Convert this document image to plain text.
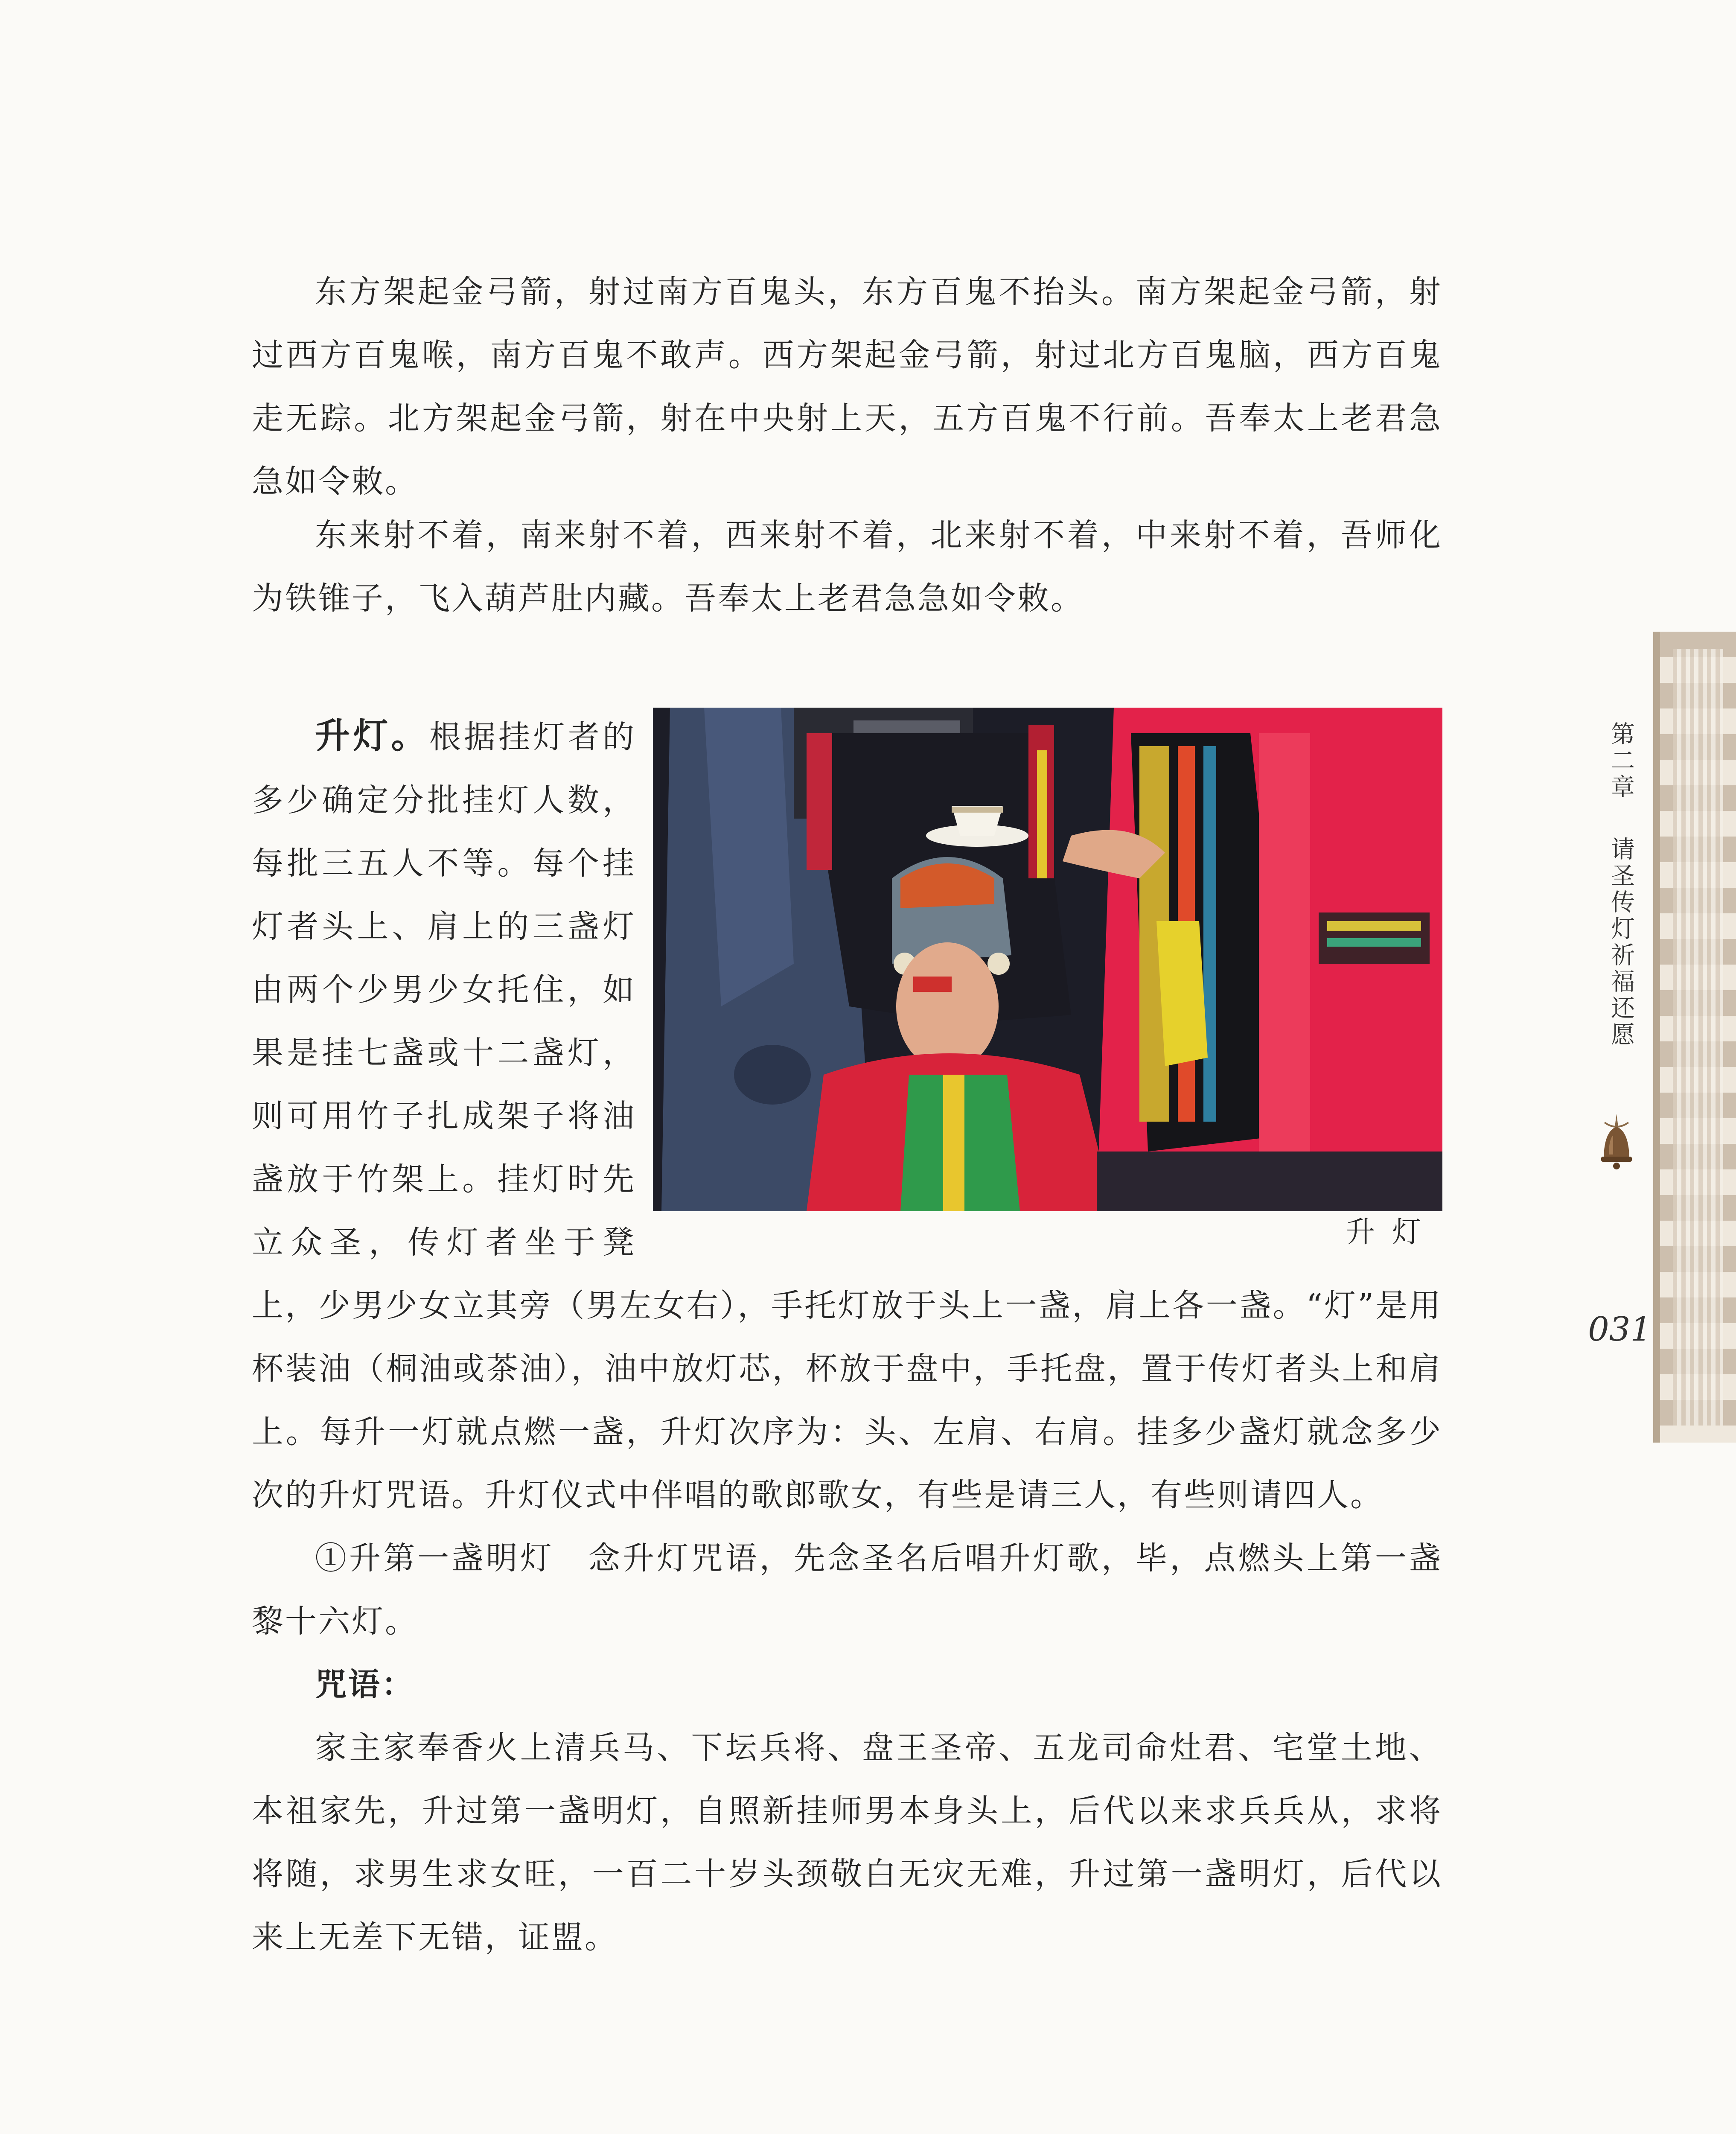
东方架起金弓箭，射过南方百鬼头，东方百鬼不抬头。南方架起金弓箭，射过西方百鬼喉，南方百鬼不敢声。西方架起金弓箭，射过北方百鬼脑，西方百鬼走无踪。北方架起金弓箭，射在中央射上天，五方百鬼不行前。吾奉太上老君急急如令敕。

东来射不着，南来射不着，西来射不着，北来射不着，中来射不着，吾师化为铁锥子，飞入葫芦肚内藏。吾奉太上老君急急如令敕。

升灯

升灯。根据挂灯者的多少确定分批挂灯人数，每批三五人不等。每个挂灯者头上、肩上的三盏灯由两个少男少女托住，如果是挂七盏或十二盏灯，则可用竹子扎成架子将油盏放于竹架上。挂灯时先立众圣，传灯者坐于凳上，少男少女立其旁（男左女右），手托灯放于头上一盏，肩上各一盏。“灯”是用杯装油（桐油或茶油），油中放灯芯，杯放于盘中，手托盘，置于传灯者头上和肩上。每升一灯就点燃一盏，升灯次序为：头、左肩、右肩。挂多少盏灯就念多少次的升灯咒语。升灯仪式中伴唱的歌郎歌女，有些是请三人，有些则请四人。

①升第一盏明灯　念升灯咒语，先念圣名后唱升灯歌，毕，点燃头上第一盏黎十六灯。

咒语：

家主家奉香火上清兵马、下坛兵将、盘王圣帝、五龙司命灶君、宅堂土地、本祖家先，升过第一盏明灯，自照新挂师男本身头上，后代以来求兵兵从，求将将随，求男生求女旺，一百二十岁头颈敬白无灾无难，升过第一盏明灯，后代以来上无差下无错，证盟。

第二章
请圣传灯祈福还愿
031
